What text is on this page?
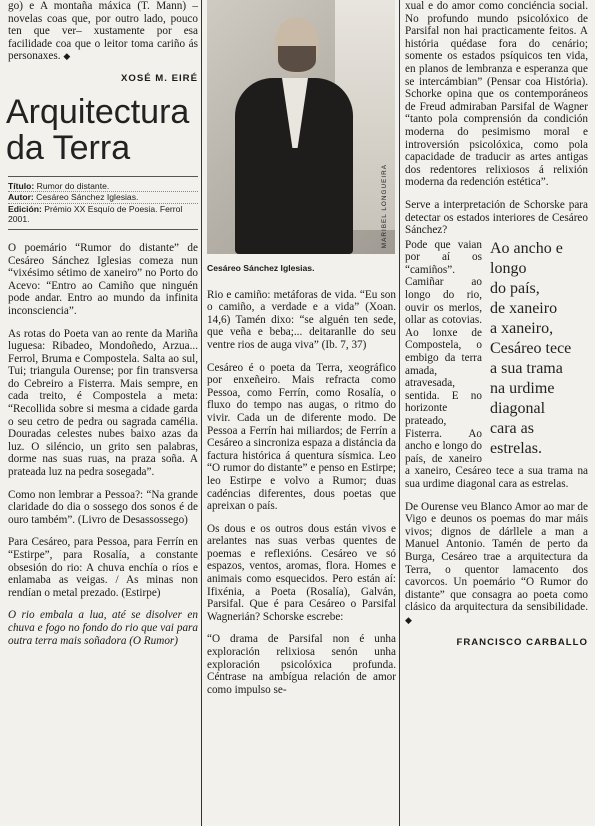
go) e A montaña máxica (T. Mann) –novelas coas que, por outro lado, pouco ten que ver– xustamente por esa facilidade coa que o leitor toma cariño ás personaxes. ◆

XOSÉ M. EIRÉ
Arquitectura da Terra
Título: Rumor do distante.
Autor: Cesáreo Sánchez Iglesias.
Edición: Prémio XX Esquío de Poesia. Ferrol 2001.

O poemário “Rumor do distante” de Cesáreo Sánchez Iglesias comeza nun “vixésimo sétimo de xaneiro” no Porto do Acevo: “Entro ao Camiño que ninguén pode andar. Entro ao mundo da infinita inconsciencia”.

As rotas do Poeta van ao rente da Mariña luguesa: Ribadeo, Mondoñedo, Arzua... Ferrol, Bruma e Compostela. Salta ao sul, Tui; triangula Ourense; por fin transversa do Cebreiro a Fisterra. Mais sempre, en cada treito, é Compostela a meta: “Recollida sobre si mesma a cidade garda o seu cetro de pedra ou sagrada camélia. Douradas celestes nubes baixo azas da luz. O siléncio, un grito sen palabras, dorme nas suas ruas, na praza soña. A prateada luz na pedra sosegada”.

Como non lembrar a Pessoa?: “Na grande claridade do dia o sossego dos sonos é de ouro também”. (Livro de Desassossego)

Para Cesáreo, para Pessoa, para Ferrín en “Estirpe”, para Rosalía, a constante obsesión do rio: A chuva enchía o ríos e enlamaba as veigas. / As minas non rendían o metal prezado. (Estirpe)

O rio embala a lua, até se disolver en chuva e fogo no fondo do rio que vai para outra terra mais soñadora (O Rumor)

MARIBEL LONGUEIRA
Cesáreo Sánchez Iglesias.

Rio e camiño: metáforas de vida. “Eu son o camiño, a verdade e a vida” (Xoan. 14,6) Tamén dixo: “se alguén ten sede, que veña e beba;... deitaranlle do seu ventre rios de auga viva” (Ib. 7, 37)

Cesáreo é o poeta da Terra, xeográfico por enxeñeiro. Mais refracta como Pessoa, como Ferrín, como Rosalía, o fluxo do tempo nas augas, o ritmo do vivir. Cada un de diferente modo. De Pessoa a Ferrín hai miliardos; de Ferrín a Cesáreo a sincroniza espaza a distáncia da factura histórica á quentura sísmica. Leo “O rumor do distante” e penso en Estirpe; leo Estirpe e volvo a Rumor; duas cadéncias diferentes, dous poetas que apreixan o país.

Os dous e os outros dous están vivos e arelantes nas suas verbas quentes de poemas e reflexións. Cesáreo ve só espazos, ventos, aromas, flora. Homes e animais como esquecidos. Pero están aí: Ifixénia, a Poeta (Rosalía), Galván, Parsifal. Que é para Cesáreo o Parsifal Wagnerián? Schorske escrebe:

“O drama de Parsifal non é unha exploración relixiosa senón unha exploración psicolóxica profunda. Céntrase na ambígua relación de amor como impulso se-

xual e do amor como conciéncia social. No profundo mundo psicolóxico de Parsifal non hai practicamente feitos. A história quédase fora do cenário; somente os estados psíquicos ten vida, en planos de lembranza e esperanza que se intercámbian” (Pensar coa História). Schorke opina que os contemporáneos de Freud admiraban Parsifal de Wagner “tanto pola comprensión da condición moderna do pesimismo moral e introversión psicolóxica, como pola capacidade de traducir as artes antigas dos redentores relixiosos á relixión moderna da redención estética”.

Serve a interpretación de Schorske para detectar os estados interiores de Cesáreo Sánchez?

Ao ancho e
longo
do país,
de xaneiro
a xaneiro,
Cesáreo tece
a sua trama
na urdime
diagonal
cara as
estrelas.

Pode que vaian por aí os “camiños”. Camiñar ao longo do rio, ouvir os merlos, ollar as cotovias. Ao lonxe de Compostela, o embigo da terra amada, atravesada, sentida. E no horizonte prateado, Fisterra. Ao ancho e longo do país, de xaneiro a xaneiro, Cesáreo tece a sua trama na sua urdime diagonal cara as estrelas.

De Ourense veu Blanco Amor ao mar de Vigo e deunos os poemas do mar máis vivos; dignos de dárllele a man a Manuel Antonio. Tamén de perto da Burga, Cesáreo trae a arquitectura da Terra, o quentor lamacento dos cavorcos. Un poemário “O Rumor do distante” que consagra ao poeta como clásico da arquitectura da sensibilidade. ◆

FRANCISCO CARBALLO
